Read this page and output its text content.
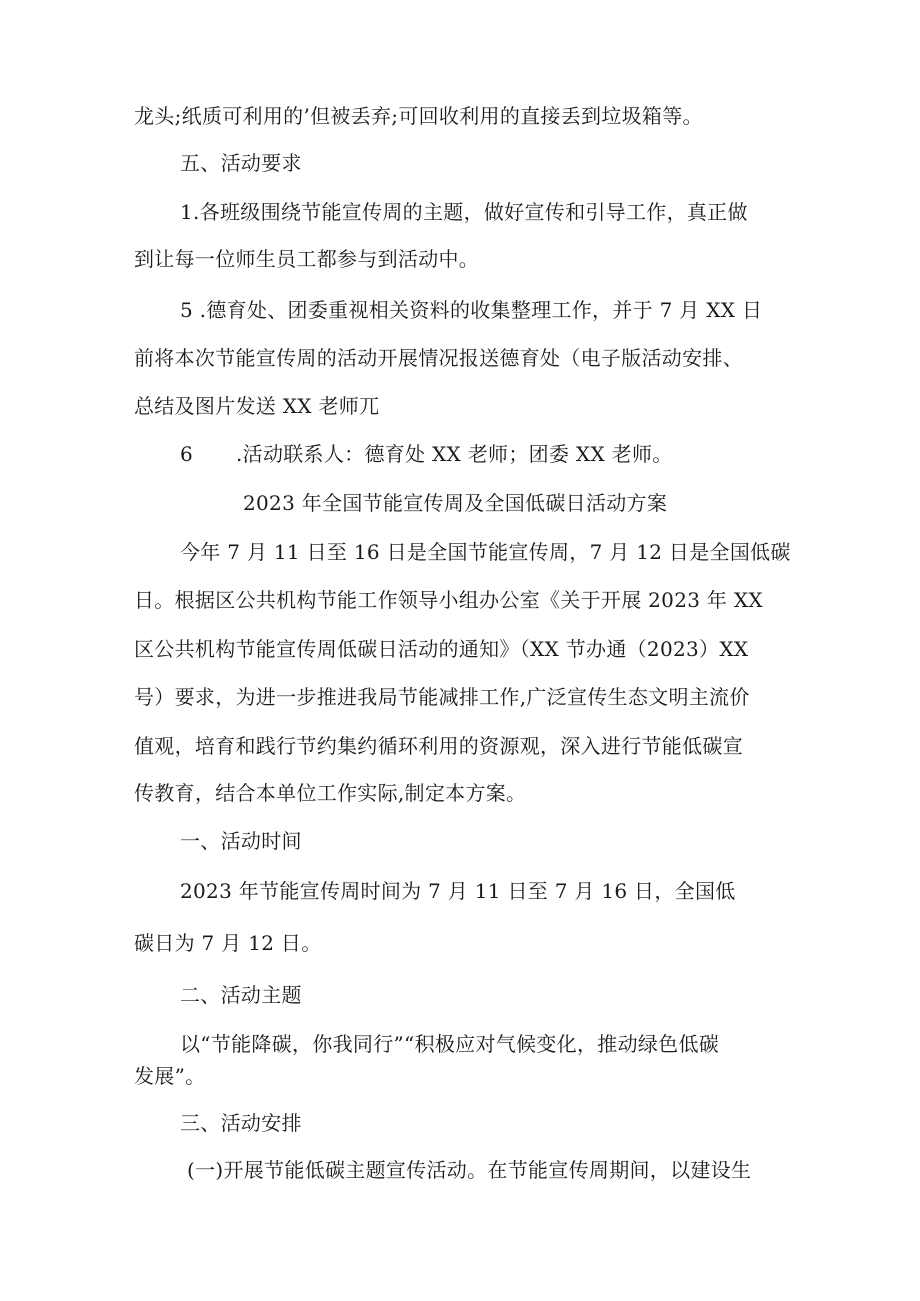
龙头;纸质可利用的’但被丢弃;可回收利用的直接丢到垃圾箱等。
五、活动要求
1.各班级围绕节能宣传周的主题，做好宣传和引导工作，真正做
到让每一位师生员工都参与到活动中。
5 .德育处、团委重视相关资料的收集整理工作，并于 7 月 XX 日
前将本次节能宣传周的活动开展情况报送德育处（电子版活动安排、
总结及图片发送 XX 老师兀
6 .活动联系人：德育处 XX 老师；团委 XX 老师。
2023 年全国节能宣传周及全国低碳日活动方案
今年 7 月 11 日至 16 日是全国节能宣传周，7 月 12 日是全国低碳
日。根据区公共机构节能工作领导小组办公室《关于开展 2023 年 XX
区公共机构节能宣传周低碳日活动的通知》（XX 节办通（2023）XX
号）要求，为进一步推进我局节能减排工作,广泛宣传生态文明主流价
值观，培育和践行节约集约循环利用的资源观，深入进行节能低碳宣
传教育，结合本单位工作实际,制定本方案。
一、活动时间
2023 年节能宣传周时间为 7 月 11 日至 7 月 16 日，全国低
碳日为 7 月 12 日。
二、活动主题
以“节能降碳，你我同行”“积极应对气候变化，推动绿色低碳
发展”。
三、活动安排
(一)开展节能低碳主题宣传活动。在节能宣传周期间，以建设生
